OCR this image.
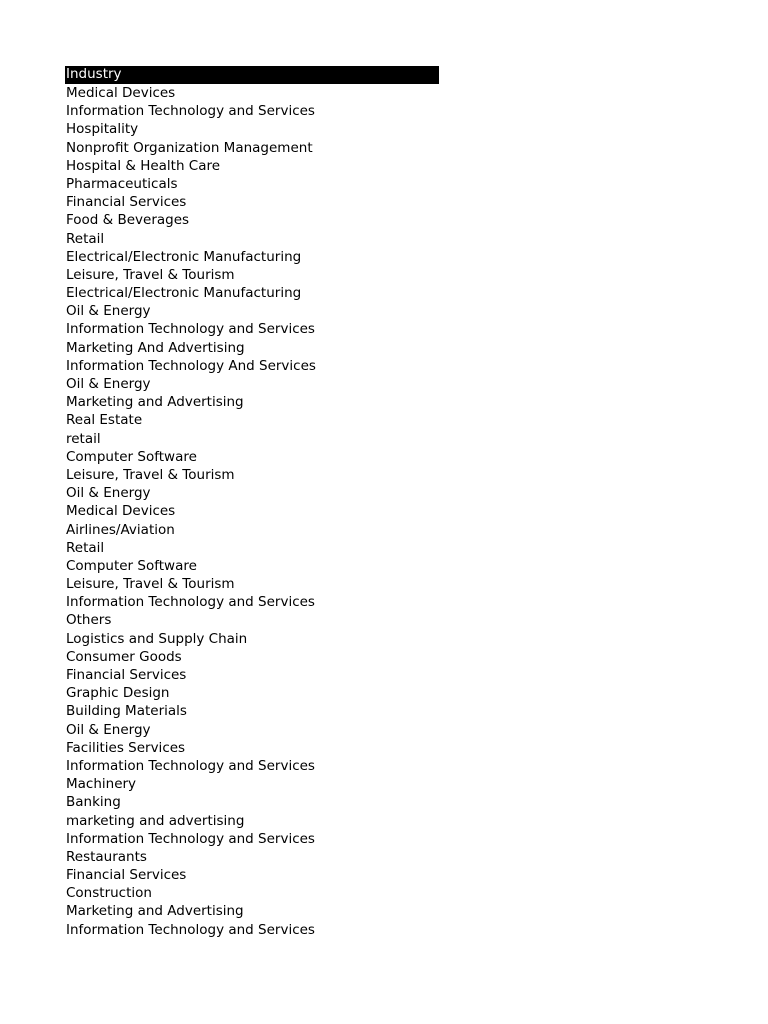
Industry
Medical Devices
Information Technology and Services
Hospitality
Nonprofit Organization Management
Hospital & Health Care
Pharmaceuticals
Financial Services
Food & Beverages
Retail
Electrical/Electronic Manufacturing
Leisure, Travel & Tourism
Electrical/Electronic Manufacturing
Oil & Energy
Information Technology and Services
Marketing And Advertising
Information Technology And Services
Oil & Energy
Marketing and Advertising
Real Estate
retail
Computer Software
Leisure, Travel & Tourism
Oil & Energy
Medical Devices
Airlines/Aviation
Retail
Computer Software
Leisure, Travel & Tourism
Information Technology and Services
Others
Logistics and Supply Chain
Consumer Goods
Financial Services
Graphic Design
Building Materials
Oil & Energy
Facilities Services
Information Technology and Services
Machinery
Banking
marketing and advertising
Information Technology and Services
Restaurants
Financial Services
Construction
Marketing and Advertising
Information Technology and Services
